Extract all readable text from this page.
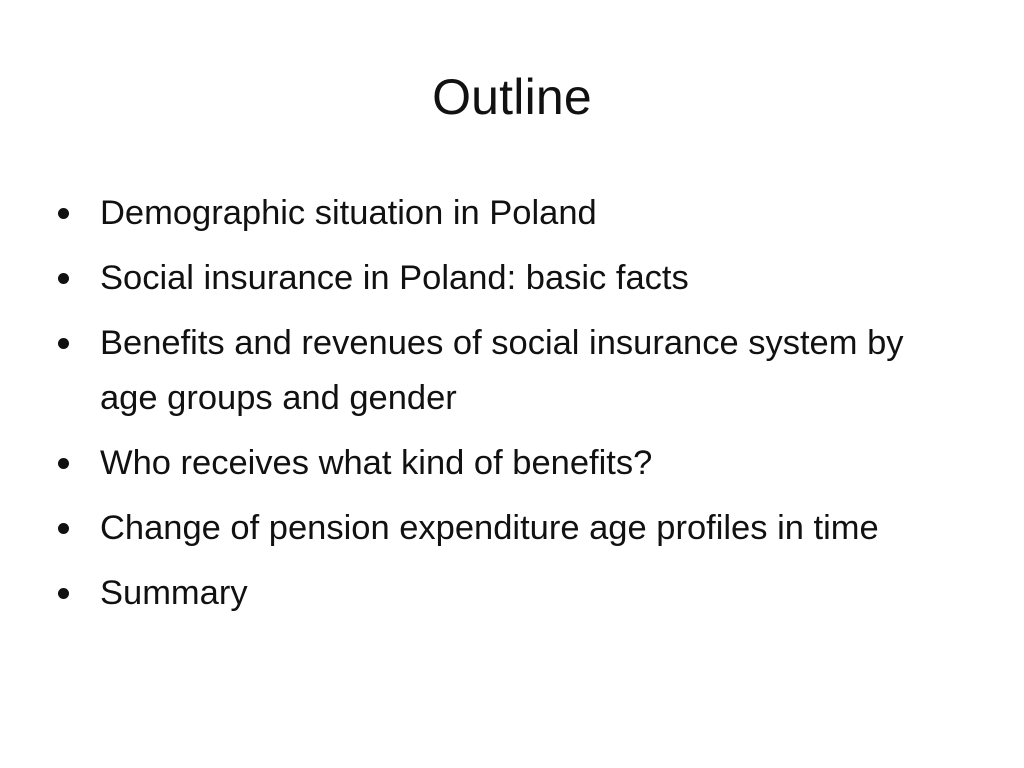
Outline
Demographic situation in Poland
Social insurance in Poland: basic facts
Benefits and revenues of social insurance system by age groups and gender
Who receives what kind of benefits?
Change of pension expenditure age profiles in time
Summary
